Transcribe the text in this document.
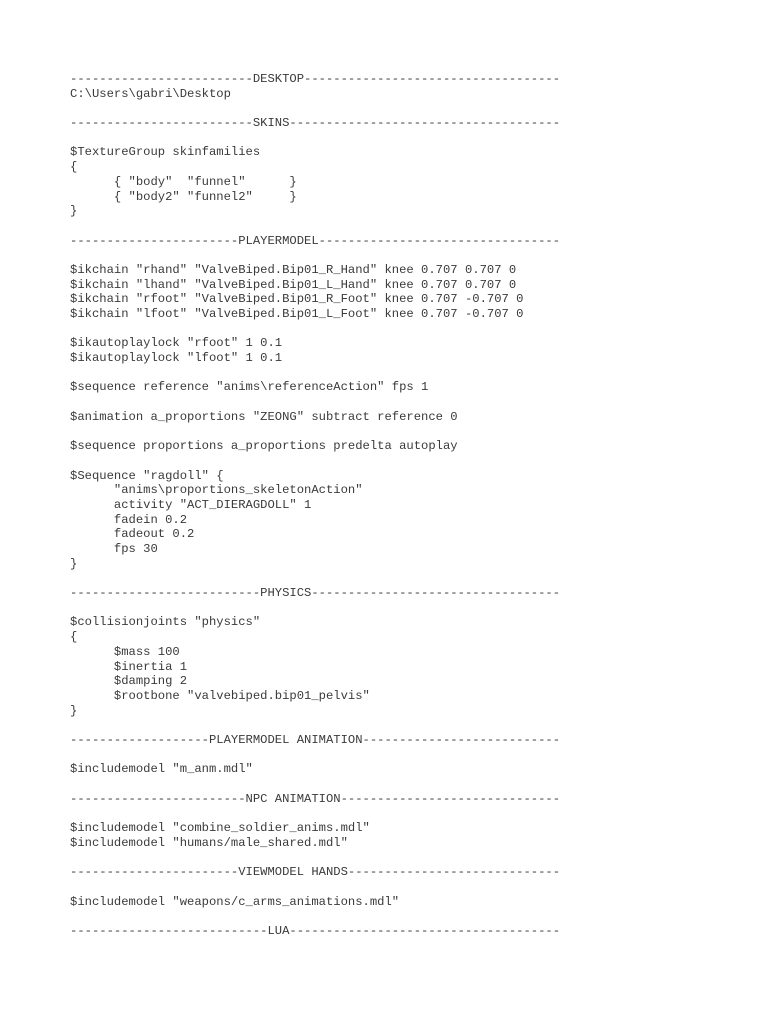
-------------------------DESKTOP-----------------------------------
C:\Users\gabri\Desktop
-------------------------SKINS-------------------------------------
$TextureGroup skinfamilies
{
{ "body"  "funnel"      }
{ "body2" "funnel2"     }
}
-----------------------PLAYERMODEL---------------------------------
$ikchain "rhand" "ValveBiped.Bip01_R_Hand" knee 0.707 0.707 0
$ikchain "lhand" "ValveBiped.Bip01_L_Hand" knee 0.707 0.707 0
$ikchain "rfoot" "ValveBiped.Bip01_R_Foot" knee 0.707 -0.707 0
$ikchain "lfoot" "ValveBiped.Bip01_L_Foot" knee 0.707 -0.707 0
$ikautoplaylock "rfoot" 1 0.1
$ikautoplaylock "lfoot" 1 0.1
$sequence reference "anims\referenceAction" fps 1
$animation a_proportions "ZEONG" subtract reference 0
$sequence proportions a_proportions predelta autoplay
$Sequence "ragdoll" {
"anims\proportions_skeletonAction"
activity "ACT_DIERAGDOLL" 1
fadein 0.2
fadeout 0.2
fps 30
}
--------------------------PHYSICS----------------------------------
$collisionjoints "physics"
{
$mass 100
$inertia 1
$damping 2
$rootbone "valvebiped.bip01_pelvis"
}
-------------------PLAYERMODEL ANIMATION---------------------------
$includemodel "m_anm.mdl"
------------------------NPC ANIMATION------------------------------
$includemodel "combine_soldier_anims.mdl"
$includemodel "humans/male_shared.mdl"
-----------------------VIEWMODEL HANDS-----------------------------
$includemodel "weapons/c_arms_animations.mdl"
---------------------------LUA-------------------------------------
